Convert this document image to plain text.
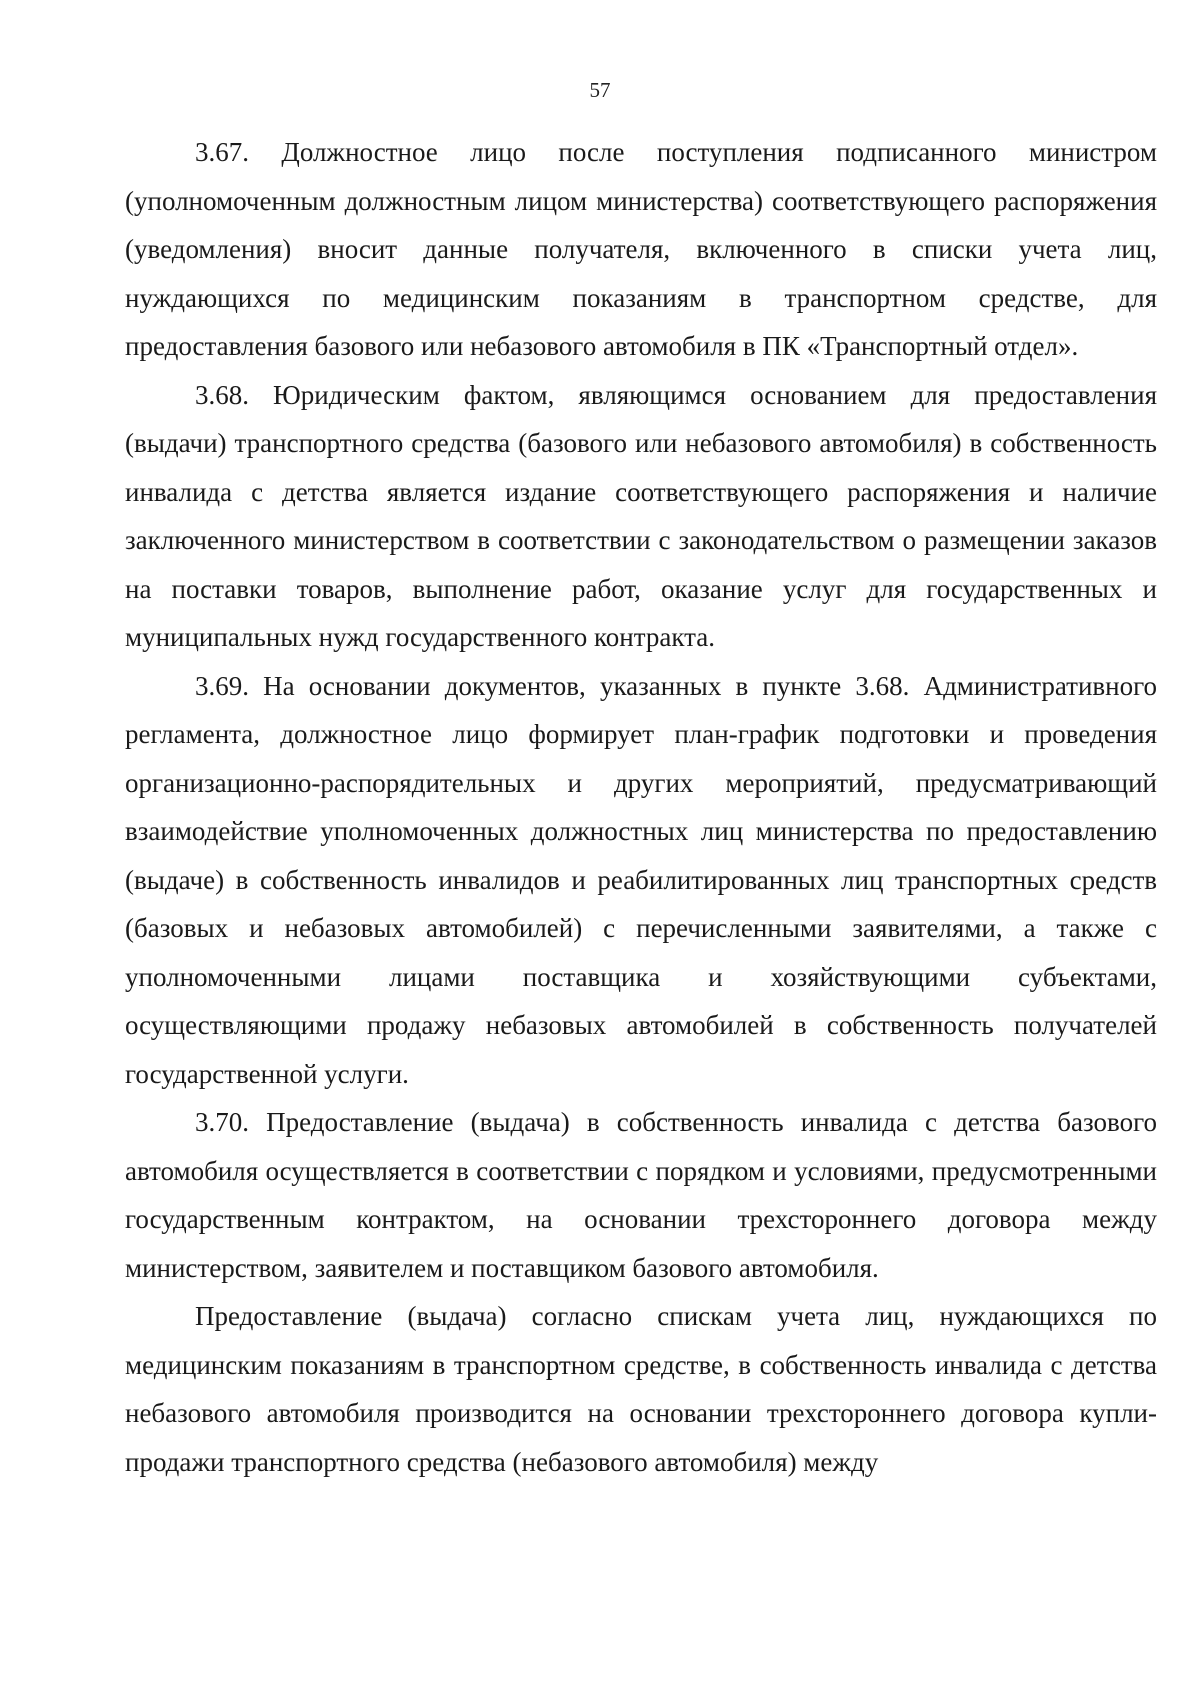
57

3.67. Должностное лицо после поступления подписанного министром (уполномоченным должностным лицом министерства) соответствующего распоряжения (уведомления) вносит данные получателя, включенного в списки учета лиц, нуждающихся по медицинским показаниям в транспортном средстве, для предоставления базового или небазового автомобиля в ПК «Транспортный отдел».

3.68. Юридическим фактом, являющимся основанием для предоставления (выдачи) транспортного средства (базового или небазового автомобиля) в собственность инвалида с детства является издание соответствующего распоряжения и наличие заключенного министерством в соответствии с законодательством о размещении заказов на поставки товаров, выполнение работ, оказание услуг для государственных и муниципальных нужд государственного контракта.

3.69. На основании документов, указанных в пункте 3.68. Административного регламента, должностное лицо формирует план-график подготовки и проведения организационно-распорядительных и других мероприятий, предусматривающий взаимодействие уполномоченных должностных лиц министерства по предоставлению (выдаче) в собственность инвалидов и реабилитированных лиц транспортных средств (базовых и небазовых автомобилей) с перечисленными заявителями, а также с уполномоченными лицами поставщика и хозяйствующими субъектами, осуществляющими продажу небазовых автомобилей в собственность получателей государственной услуги.

3.70. Предоставление (выдача) в собственность инвалида с детства базового автомобиля осуществляется в соответствии с порядком и условиями, предусмотренными государственным контрактом, на основании трехстороннего договора между министерством, заявителем и поставщиком базового автомобиля.

Предоставление (выдача) согласно спискам учета лиц, нуждающихся по медицинским показаниям в транспортном средстве, в собственность инвалида с детства небазового автомобиля производится на основании трехстороннего договора купли-продажи транспортного средства (небазового автомобиля) между
